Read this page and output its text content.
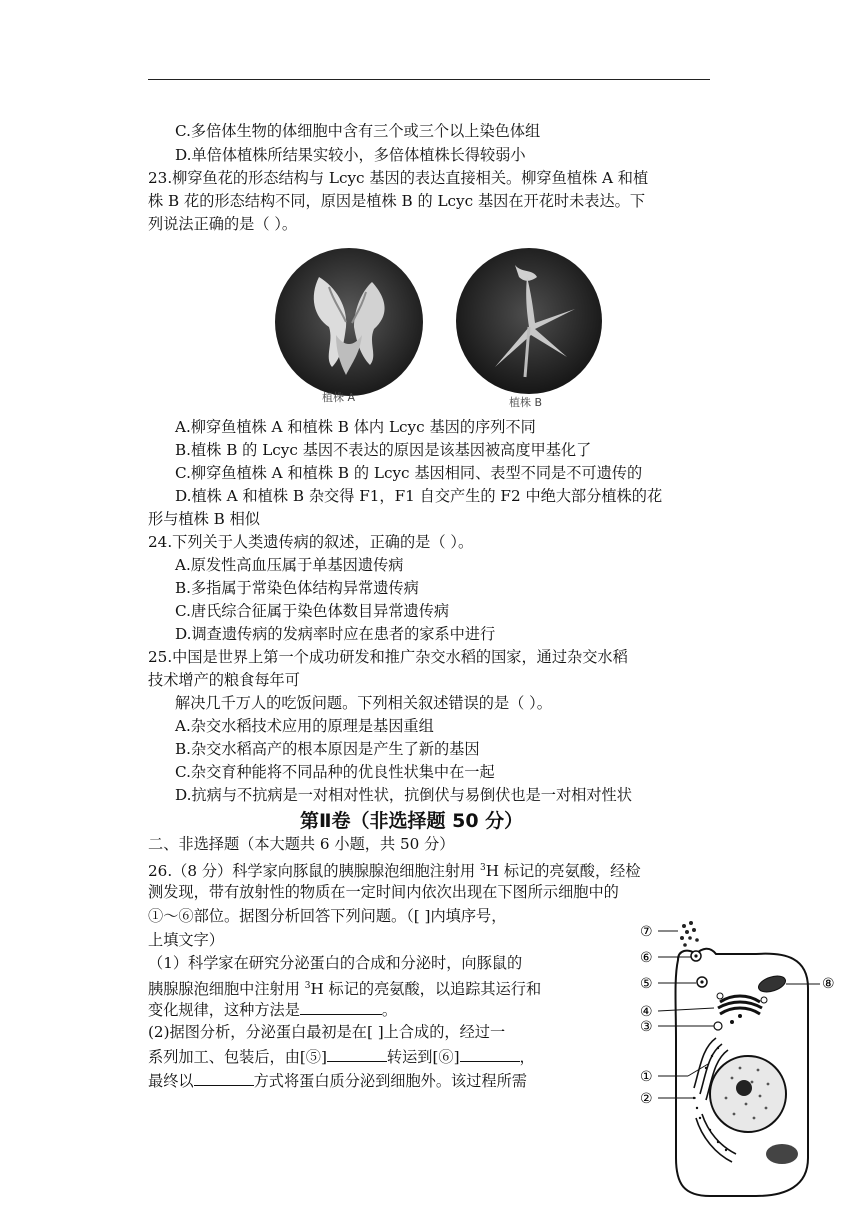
C.多倍体生物的体细胞中含有三个或三个以上染色体组
D.单倍体植株所结果实较小，多倍体植株长得较弱小
23.柳穿鱼花的形态结构与 Lcyc 基因的表达直接相关。柳穿鱼植株 A 和植
株 B 花的形态结构不同，原因是植株 B 的 Lcyc 基因在开花时未表达。下
列说法正确的是（ ）。
植株 A	植株 B
A.柳穿鱼植株 A 和植株 B 体内 Lcyc 基因的序列不同
B.植株 B 的 Lcyc 基因不表达的原因是该基因被高度甲基化了
C.柳穿鱼植株 A 和植株 B 的 Lcyc 基因相同、表型不同是不可遗传的
D.植株 A 和植株 B 杂交得 F1，F1 自交产生的 F2 中绝大部分植株的花
形与植株 B 相似
24.下列关于人类遗传病的叙述，正确的是（ ）。
A.原发性高血压属于单基因遗传病
B.多指属于常染色体结构异常遗传病
C.唐氏综合征属于染色体数目异常遗传病
D.调查遗传病的发病率时应在患者的家系中进行
25.中国是世界上第一个成功研发和推广杂交水稻的国家，通过杂交水稻
技术增产的粮食每年可
解决几千万人的吃饭问题。下列相关叙述错误的是（ ）。
A.杂交水稻技术应用的原理是基因重组
B.杂交水稻高产的根本原因是产生了新的基因
C.杂交育种能将不同品种的优良性状集中在一起
D.抗病与不抗病是一对相对性状，抗倒伏与易倒伏也是一对相对性状
第Ⅱ卷（非选择题 50 分）
二、非选择题（本大题共 6 小题，共 50 分）
26.（8 分）科学家向豚鼠的胰腺腺泡细胞注射用 $^3$H 标记的亮氨酸，经检
测发现，带有放射性的物质在一定时间内依次出现在下图所示细胞中的
①～⑥部位。据图分析回答下列问题。（[ ]内填序号，
上填文字）
（1）科学家在研究分泌蛋白的合成和分泌时，向豚鼠的
胰腺腺泡细胞中注射用 $^3$H 标记的亮氨酸，以追踪其运行和
变化规律，这种方法是	。
(2)据图分析，分泌蛋白最初是在[ ]上合成的，经过一
系列加工、包装后，由[⑤]	转运到[⑥]	，
最终以	方式将蛋白质分泌到细胞外。该过程所需
⑦
⑥
⑤
④
③
①
②
⑧
